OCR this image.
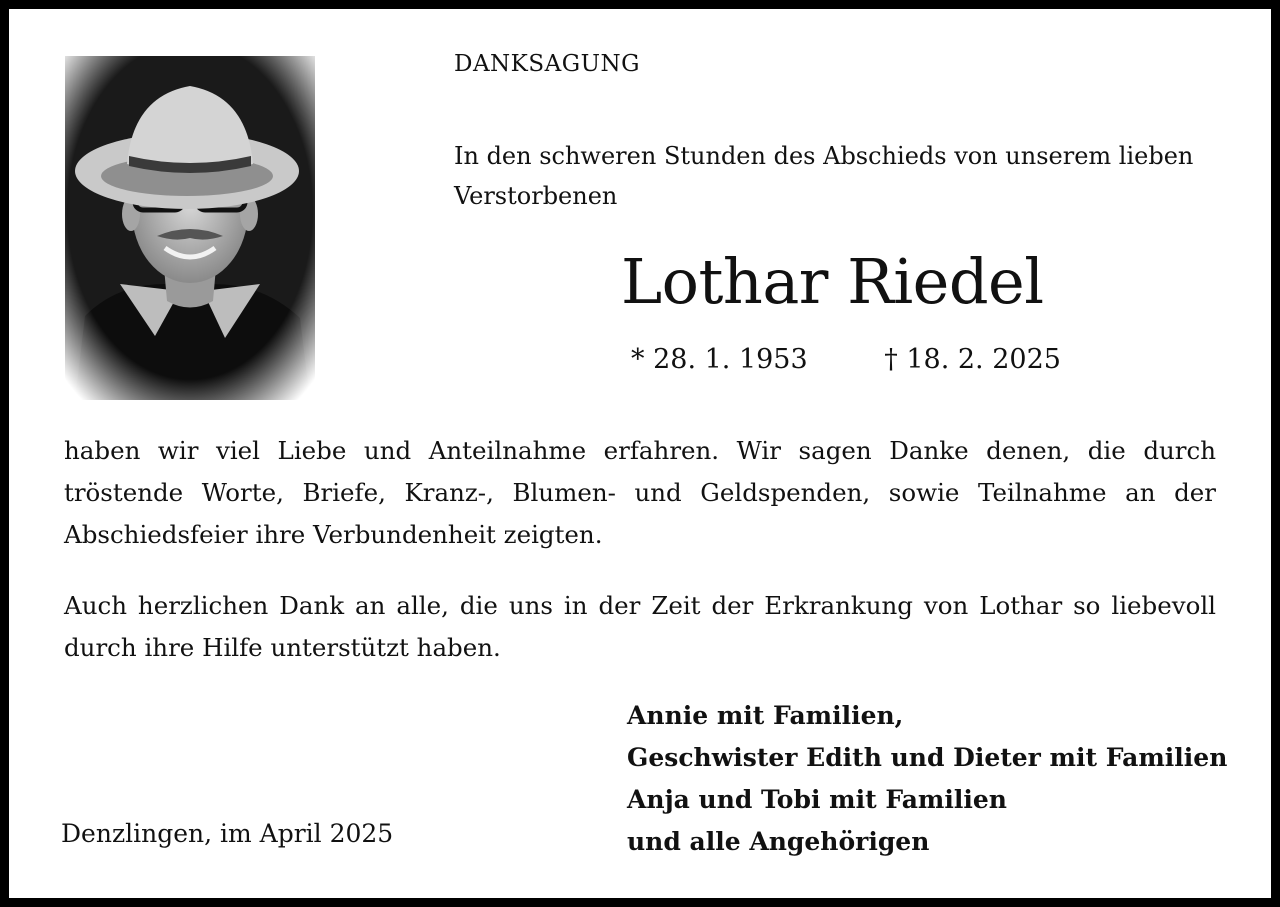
DANKSAGUNG
In den schweren Stunden des Abschieds von unserem lieben Verstorbenen
Lothar Riedel
* 28. 1. 1953	† 18. 2. 2025
haben wir viel Liebe und Anteilnahme erfahren. Wir sagen Danke denen, die durch tröstende Worte, Briefe, Kranz-, Blumen- und Geldspenden, sowie Teilnahme an der Abschiedsfeier ihre Verbundenheit zeigten.
Auch herzlichen Dank an alle, die uns in der Zeit der Erkrankung von Lothar so liebevoll durch ihre Hilfe unterstützt haben.
Denzlingen, im April 2025
Annie mit Familien,
Geschwister Edith und Dieter mit Familien
Anja und Tobi mit Familien
und alle Angehörigen
